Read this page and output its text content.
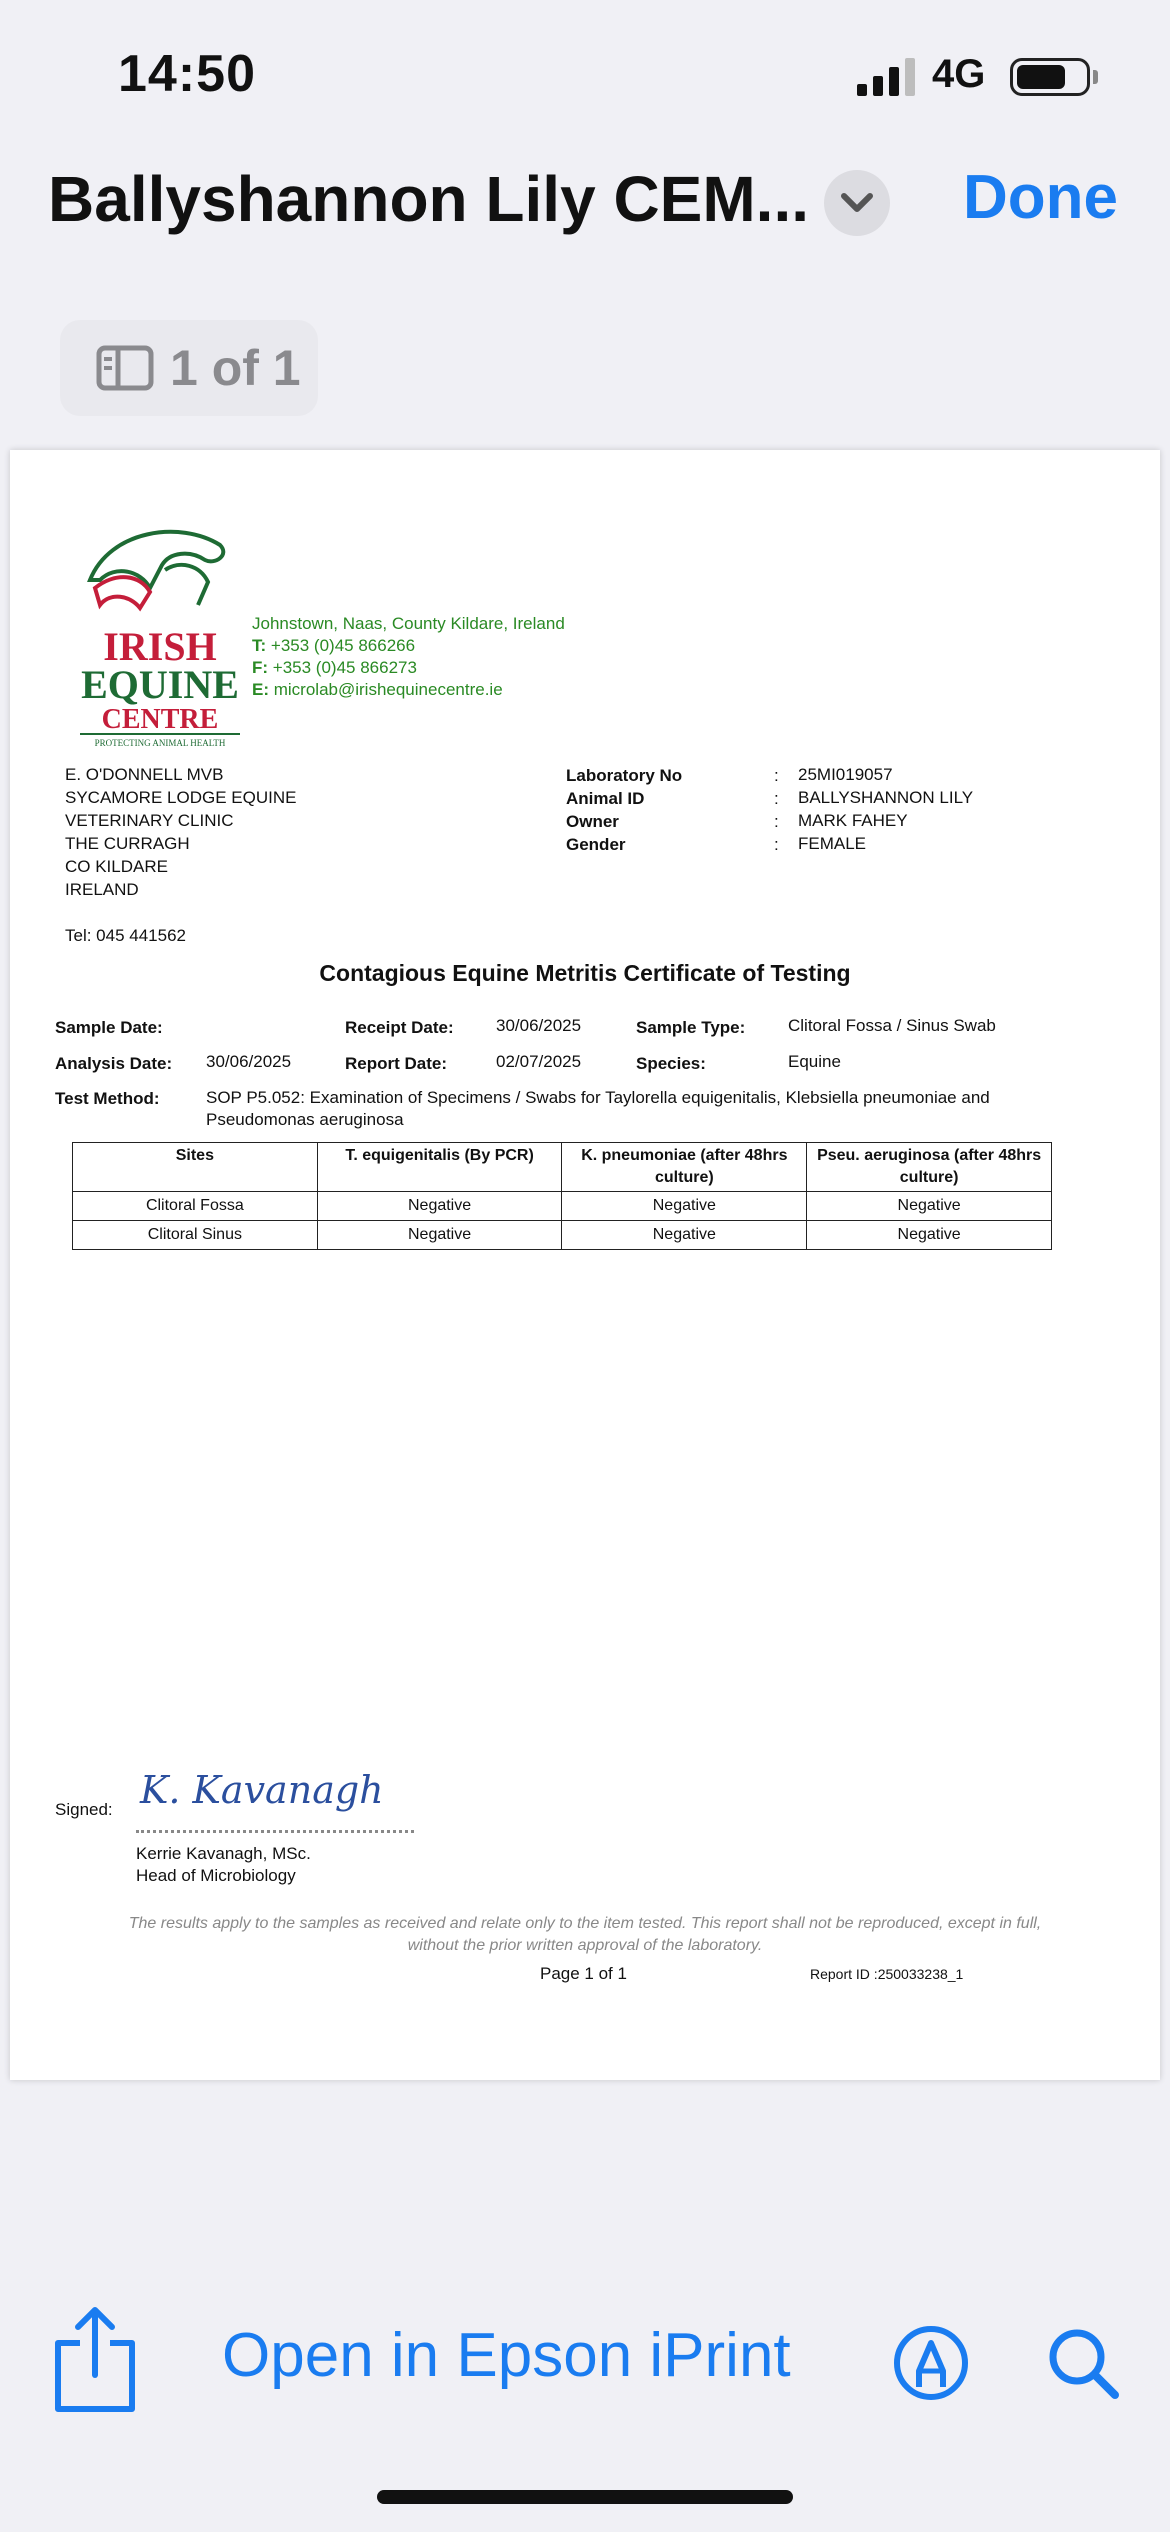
14:50	4G
Ballyshannon Lily CEM... Done
1 of 1
IRISH
EQUINE
CENTRE
PROTECTING ANIMAL HEALTH
Johnstown, Naas, County Kildare, Ireland
T: +353 (0)45 866266
F: +353 (0)45 866273
E: microlab@irishequinecentre.ie
E. O'DONNELL MVB
SYCAMORE LODGE EQUINE
VETERINARY CLINIC
THE CURRAGH
CO KILDARE
IRELAND
Tel: 045 441562
Laboratory No	: 25MI019057
Animal ID	: BALLYSHANNON LILY
Owner	: MARK FAHEY
Gender	: FEMALE
Contagious Equine Metritis Certificate of Testing
Sample Date:	Receipt Date: 30/06/2025	Sample Type:	Clitoral Fossa / Sinus Swab
Analysis Date: 30/06/2025	Report Date:	02/07/2025	Species:	Equine
Test Method:	SOP P5.052: Examination of Specimens / Swabs for Taylorella equigenitalis, Klebsiella pneumoniae and
Pseudomonas aeruginosa
Sites	T. equigenitalis (By PCR)	K. pneumoniae (after 48hrs culture)	Pseu. aeruginosa (after 48hrs culture)
Clitoral Fossa	Negative	Negative	Negative
Clitoral Sinus	Negative	Negative	Negative
Signed: K. Kavanagh
Kerrie Kavanagh, MSc.
Head of Microbiology
The results apply to the samples as received and relate only to the item tested. This report shall not be reproduced, except in full, without the prior written approval of the laboratory.
Page 1 of 1	Report ID :250033238_1
Open in Epson iPrint
